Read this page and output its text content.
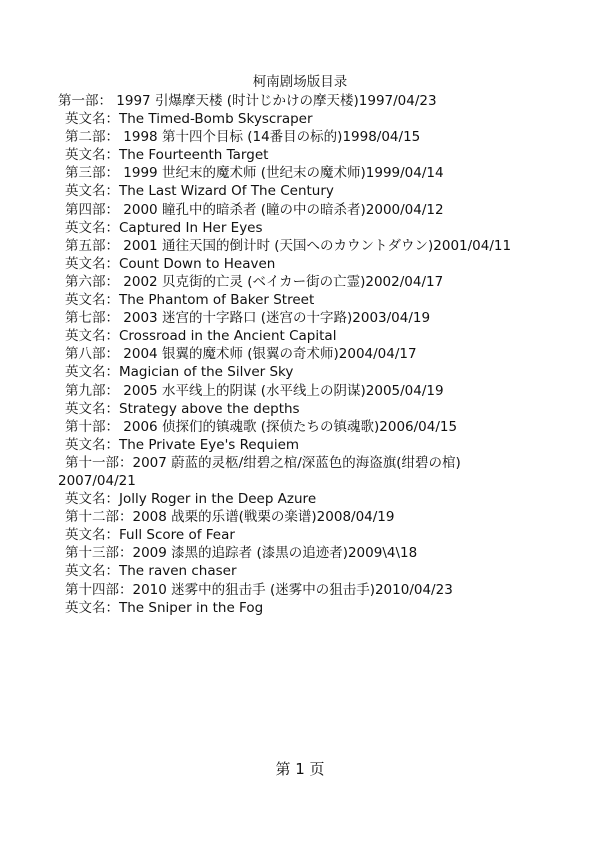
柯南剧场版目录
第一部： 1997 引爆摩天楼 (时计じかけの摩天楼)1997/04/23
英文名：The Timed-Bomb Skyscraper
第二部： 1998 第十四个目标 (14番目の标的)1998/04/15
英文名：The Fourteenth Target
第三部： 1999 世纪末的魔术师 (世纪末の魔术师)1999/04/14
英文名：The Last Wizard Of The Century
第四部： 2000 瞳孔中的暗杀者 (瞳の中の暗杀者)2000/04/12
英文名：Captured In Her Eyes
第五部： 2001 通往天国的倒计时 (天国へのカウントダウン)2001/04/11
英文名：Count Down to Heaven
第六部： 2002 贝克街的亡灵 (ベイカー街の亡霊)2002/04/17
英文名：The Phantom of Baker Street
第七部： 2003 迷宫的十字路口 (迷宫の十字路)2003/04/19
英文名：Crossroad in the Ancient Capital
第八部： 2004 银翼的魔术师 (银翼の奇术师)2004/04/17
英文名：Magician of the Silver Sky
第九部： 2005 水平线上的阴谋 (水平线上の阴谋)2005/04/19
英文名：Strategy above the depths
第十部： 2006 侦探们的镇魂歌 (探侦たちの镇魂歌)2006/04/15
英文名：The Private Eye's Requiem
第十一部：2007 蔚蓝的灵柩/绀碧之棺/深蓝色的海盗旗(绀碧の棺)
2007/04/21
英文名：Jolly Roger in the Deep Azure
第十二部：2008 战栗的乐谱(戦栗の楽谱)2008/04/19
英文名：Full Score of Fear
第十三部：2009 漆黑的追踪者 (漆黒の追迹者)2009\4\18
英文名：The raven chaser
第十四部：2010 迷雾中的狙击手 (迷雾中の狙击手)2010/04/23
英文名：The Sniper in the Fog
第 1 页
